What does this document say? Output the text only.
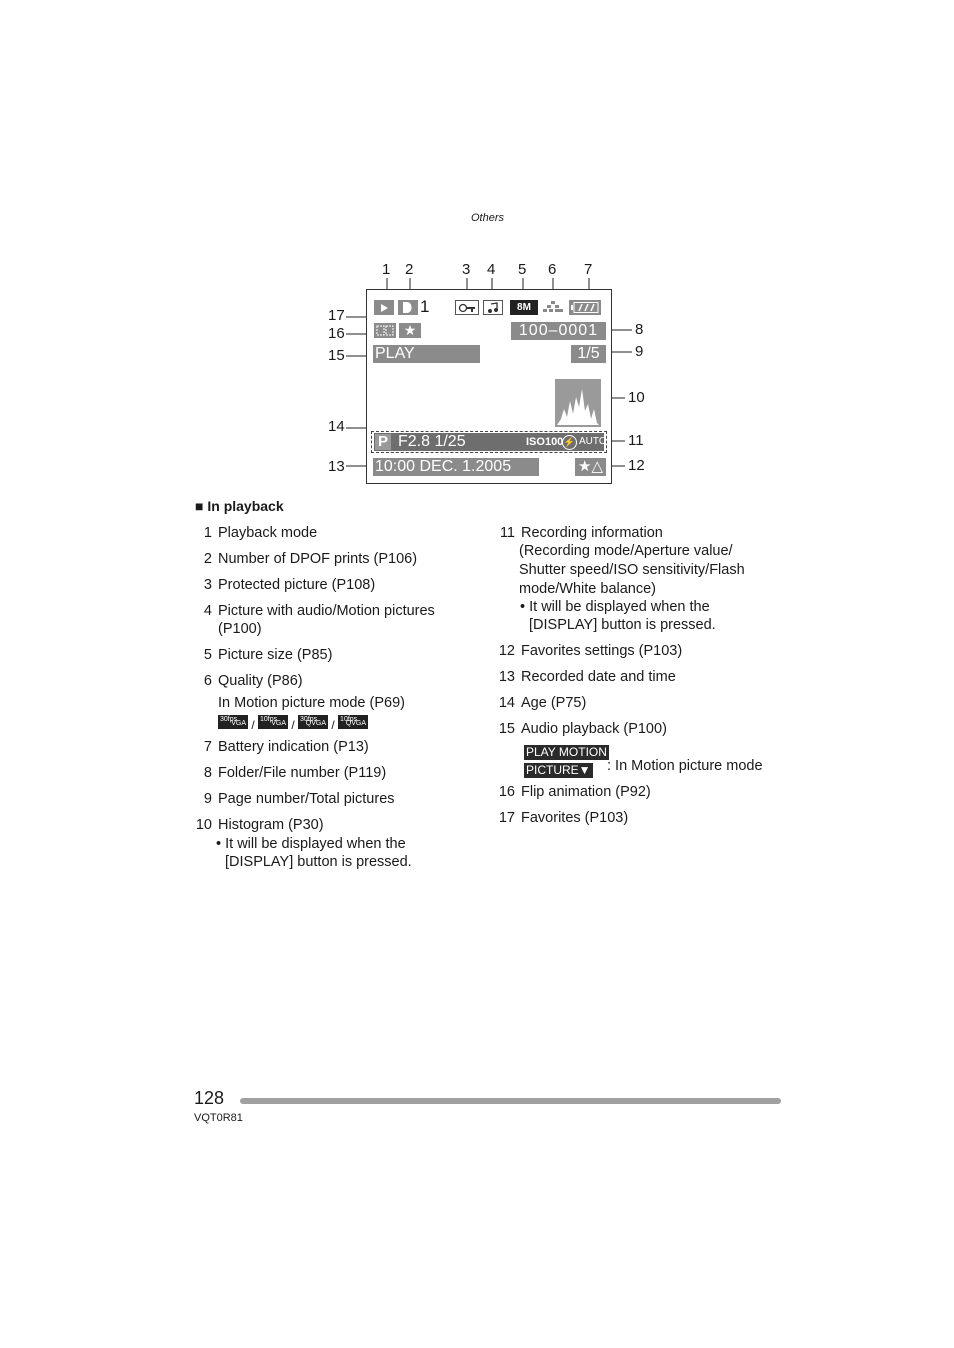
Others
1 2	3 4 5 6 7
17
16
15
14
13
8
9
10
11
12
1	8M
★	100–0001
PLAY AUDIO▽
1/5
P F2.8 1/25	ISO100 ⚡ AUTO
10:00 DEC. 1.2005	★△
■ In playback
1 Playback mode
2 Number of DPOF prints (P106)
3 Protected picture (P108)
4 Picture with audio/Motion pictures
(P100)
5 Picture size (P85)
6 Quality (P86)
In Motion picture mode (P69)
30fps
VGA / 10fps
VGA / 30fps
QVGA / 10fps
QVGA
7 Battery indication (P13)
8 Folder/File number (P119)
9 Page number/Total pictures
10 Histogram (P30)
• It will be displayed when the
[DISPLAY] button is pressed.
11 Recording information
(Recording mode/Aperture value/
Shutter speed/ISO sensitivity/Flash
mode/White balance)
• It will be displayed when the
[DISPLAY] button is pressed.
12 Favorites settings (P103)
13 Recorded date and time
14 Age (P75)
15 Audio playback (P100)
PLAY MOTION
PICTURE▼	: In Motion picture mode
16 Flip animation (P92)
17 Favorites (P103)
128
VQT0R81
